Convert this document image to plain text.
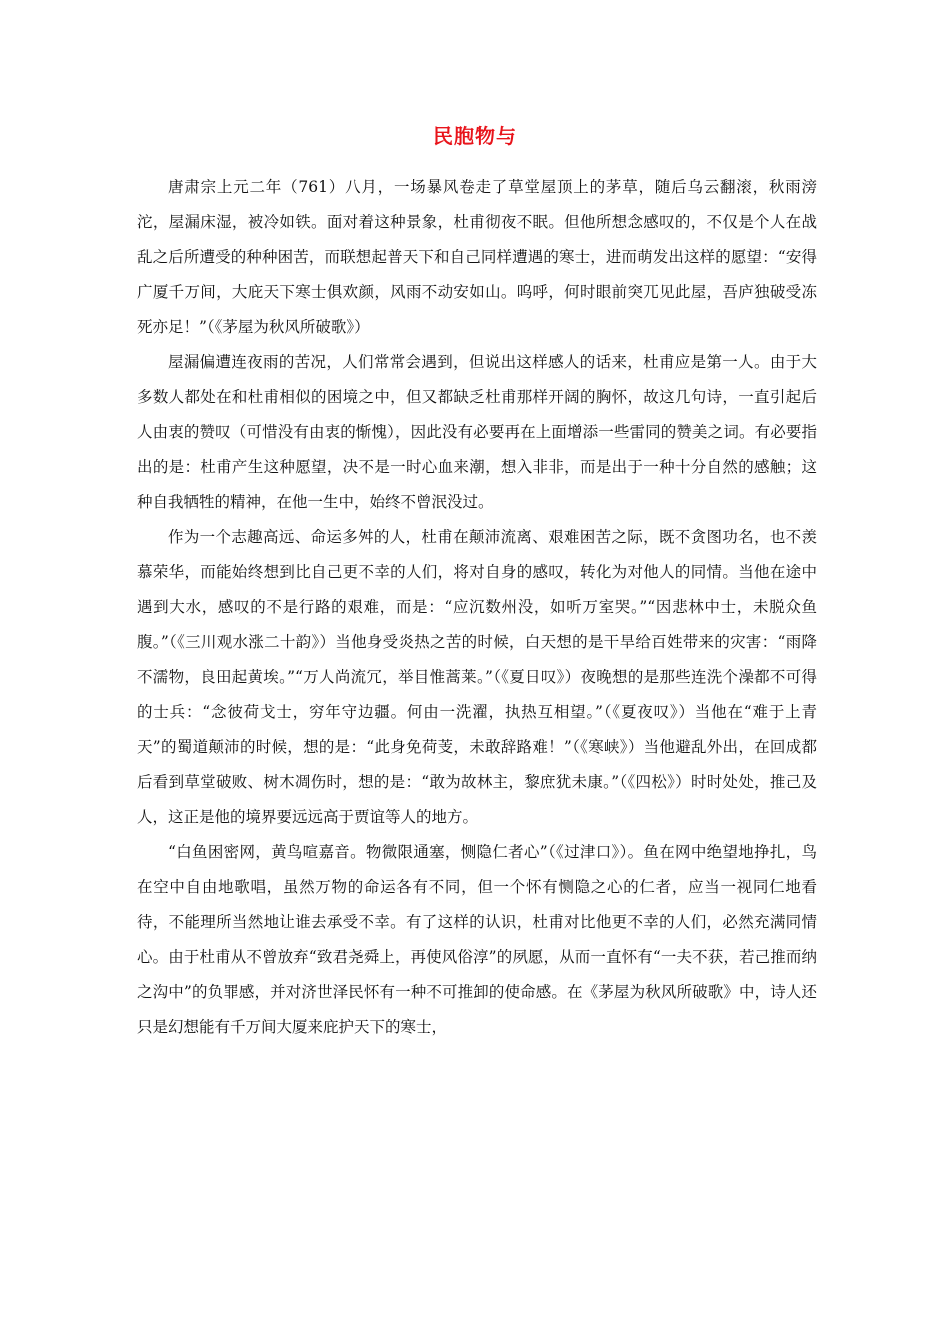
民胞物与

唐肃宗上元二年（761）八月，一场暴风卷走了草堂屋顶上的茅草，随后乌云翻滚，秋雨滂沱，屋漏床湿，被冷如铁。面对着这种景象，杜甫彻夜不眠。但他所想念感叹的，不仅是个人在战乱之后所遭受的种种困苦，而联想起普天下和自己同样遭遇的寒士，进而萌发出这样的愿望：“安得广厦千万间，大庇天下寒士俱欢颜，风雨不动安如山。呜呼，何时眼前突兀见此屋，吾庐独破受冻死亦足！”（《茅屋为秋风所破歌》）

屋漏偏遭连夜雨的苦况，人们常常会遇到，但说出这样感人的话来，杜甫应是第一人。由于大多数人都处在和杜甫相似的困境之中，但又都缺乏杜甫那样开阔的胸怀，故这几句诗，一直引起后人由衷的赞叹（可惜没有由衷的惭愧），因此没有必要再在上面增添一些雷同的赞美之词。有必要指出的是：杜甫产生这种愿望，决不是一时心血来潮，想入非非，而是出于一种十分自然的感触；这种自我牺牲的精神，在他一生中，始终不曾泯没过。

作为一个志趣高远、命运多舛的人，杜甫在颠沛流离、艰难困苦之际，既不贪图功名，也不羡慕荣华，而能始终想到比自己更不幸的人们，将对自身的感叹，转化为对他人的同情。当他在途中遇到大水，感叹的不是行路的艰难，而是：“应沉数州没，如听万室哭。”“因悲林中士，未脱众鱼腹。”（《三川观水涨二十韵》）当他身受炎热之苦的时候，白天想的是干旱给百姓带来的灾害：“雨降不濡物，良田起黄埃。”“万人尚流冗，举目惟蒿莱。”（《夏日叹》）夜晚想的是那些连洗个澡都不可得的士兵：“念彼荷戈士，穷年守边疆。何由一洗濯，执热互相望。”（《夏夜叹》）当他在“难于上青天”的蜀道颠沛的时候，想的是：“此身免荷芰，未敢辞路难！”（《寒峡》）当他避乱外出，在回成都后看到草堂破败、树木凋伤时，想的是：“敢为故林主，黎庶犹未康。”（《四松》）时时处处，推己及人，这正是他的境界要远远高于贾谊等人的地方。

“白鱼困密网，黄鸟喧嘉音。物微限通塞，恻隐仁者心”（《过津口》）。鱼在网中绝望地挣扎，鸟在空中自由地歌唱，虽然万物的命运各有不同，但一个怀有恻隐之心的仁者，应当一视同仁地看待，不能理所当然地让谁去承受不幸。有了这样的认识，杜甫对比他更不幸的人们，必然充满同情心。由于杜甫从不曾放弃“致君尧舜上，再使风俗淳”的夙愿，从而一直怀有“一夫不获，若己推而纳之沟中”的负罪感，并对济世泽民怀有一种不可推卸的使命感。在《茅屋为秋风所破歌》中，诗人还只是幻想能有千万间大厦来庇护天下的寒士，
